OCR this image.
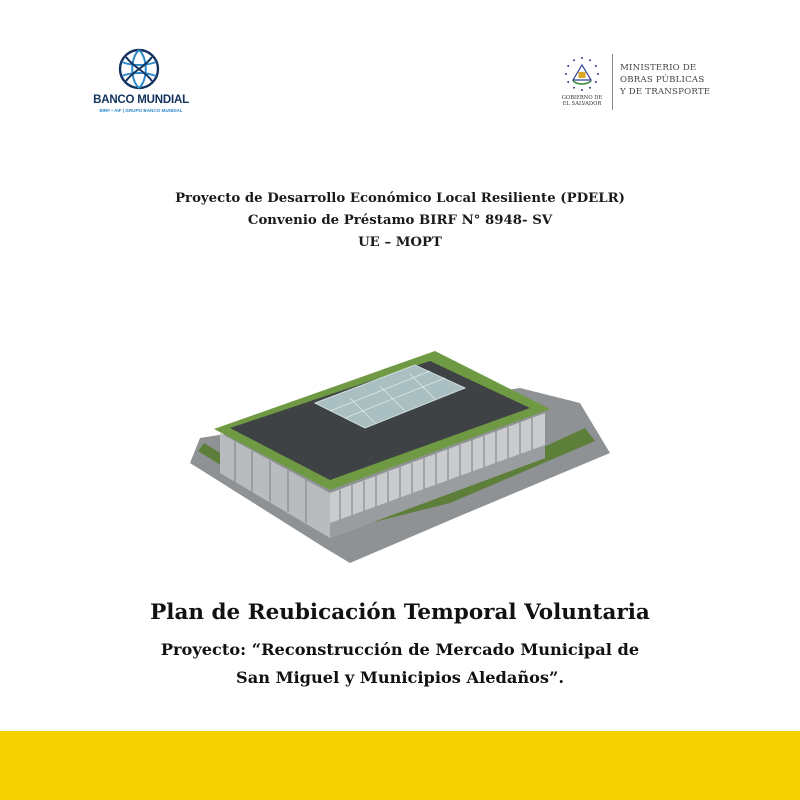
BANCO MUNDIAL
BIRF • AIF | GRUPO BANCO MUNDIAL
GOBIERNO DE
EL SALVADOR
MINISTERIO DE
OBRAS PÚBLICAS
Y DE TRANSPORTE
Proyecto de Desarrollo Económico Local Resiliente (PDELR)
Convenio de Préstamo BIRF N° 8948- SV
UE – MOPT
Plan de Reubicación Temporal Voluntaria
Proyecto: “Reconstrucción de Mercado Municipal de
San Miguel y Municipios Aledaños”.
